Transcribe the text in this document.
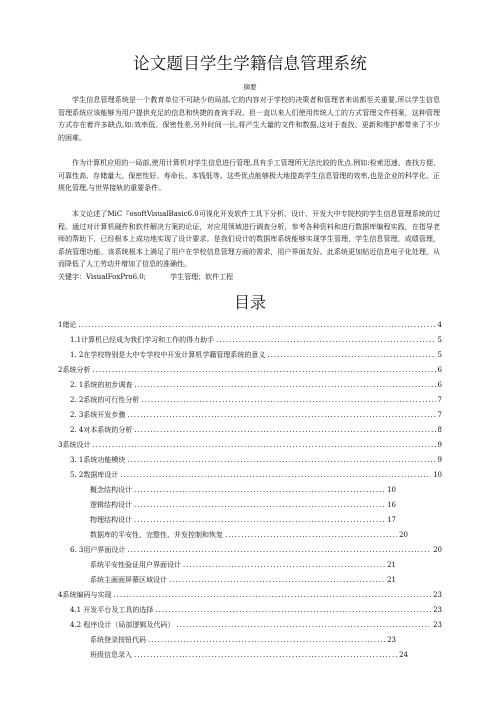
论文题目学生学籍信息管理系统
摘要

学生信息管理系统是一个教育单位不可缺少的局部,它的内容对于学校的决策者和管理者来说都至关重要,所以学生信息管理系统应该能够为用户提供充足的信息和快捷的查询手段。但一直以来人们使用传统人工的方式管理文件档案，这种管理方式存在着许多缺点,如:效率低、保密性差,另外时间一长,将产生大量的文件和数据,这对于查找、更新和维护都带来了不少的困难。

作为计算机应用的一局部,使用计算机对学生信息进行管理,具有手工管理所无法比较的优点.例如:检索迅速、查找方便、可靠性高、存储量大、保密性好、寿命长、本钱低等。这些优点能够极大地提高学生信息管理的效率,也是企业的科学化、正规化管理,与世界接轨的重要条件。

本文论述了MiC『osoftVisualBasic6.0可视化开发软件工具下分析、设计、开发大中专院校的学生信息管理系统的过程。通过对计算机硬件和软件解决方案的论证，对应用领域进行调查分析，参考各种资料和进行数据库编程实践，在指导老师的帮助下，已经根本上成功地实现了设计要求。是我们设计的数据库系统能够实现学生管理，学生信息管理，成绩管理，系统管理功能。该系统根本上满足了用户在学校信息管理方面的需求，用户界面友好。此系统更加贴近信息电子化处理，从而降低了人工劳动并增加了信息的准确性。

关键字：VisualFoxPro6.0;	学生管理；软件工程
目录
1绪论 .....	4
1.1计算机已经成为我们学习和工作的得力助手 .....	5
1. 2在学校特别是大中专学校中开发计算机学籍管理系统的意义 .....	5
2系统分析 .....	6
2. 1系统的初步调查 .....	6
2. 2系统的可行性分析 .....	7
2. 3系统开发步骤 .....	7
2. 4对本系统的分析 .....	8
3系统设计 .....	9
3. 1系统功能模块 .....	9
5. 2数据库设计 .....	10
概念结构设计 .....	10
逻辑结构设计 .....	16
物理结构设计 .....	17
数据库的平安性、完整性、并发控制和恢复 .....	20
6. 3用户界面设计 .....	20
系统平安性验证用户界面设计 .....	21
系统主画面屏幕区域设计 .....	21
4系统编码与实现 .....	23
4.1 开发平台及工具的选择 .....	23
4.2 程序设计（局部逻辑及代码） .....	23
系统登录按钮代码 .....	23
班级信息录入 .....	24
